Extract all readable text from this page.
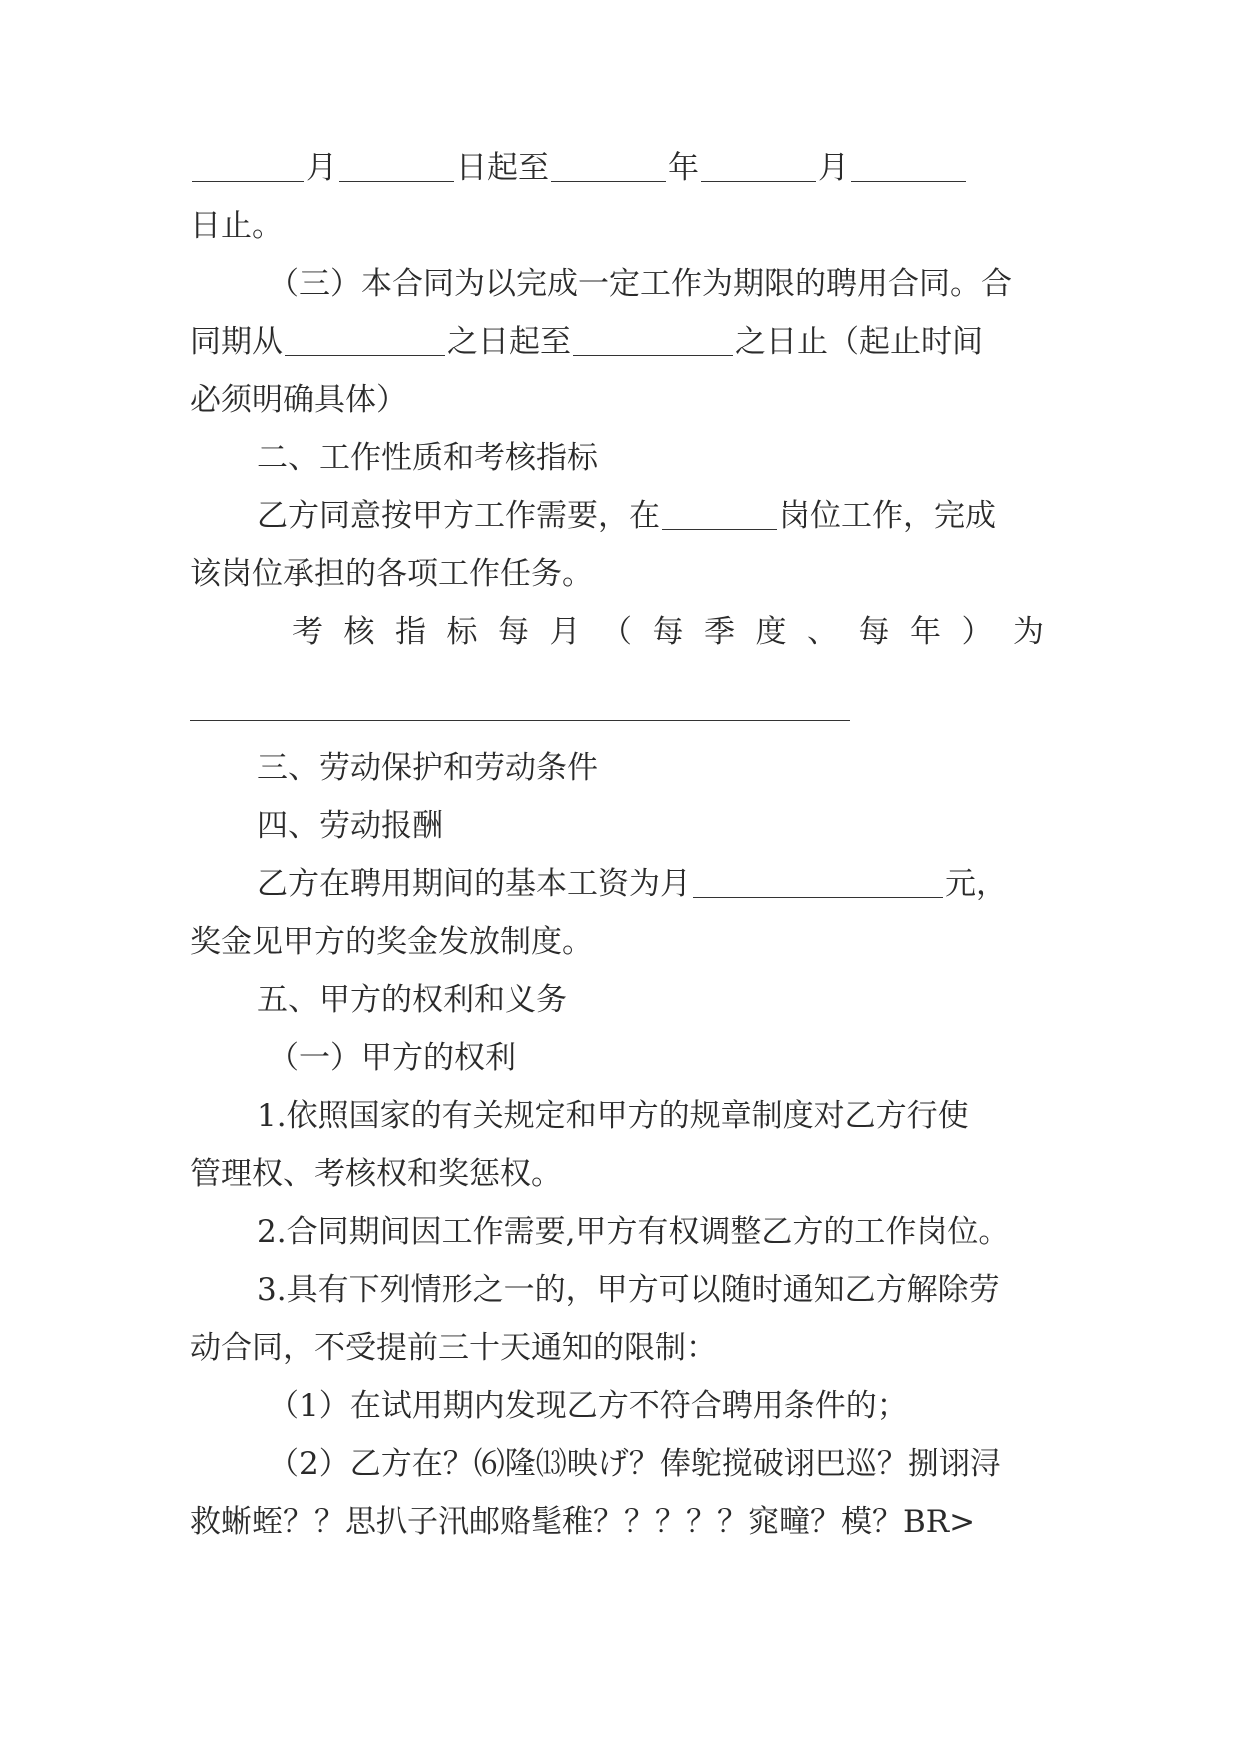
月	日起至	年	月
日止。
（三）本合同为以完成一定工作为期限的聘用合同。合
同期从	之日起至	之日止（起止时间
必须明确具体）
二、工作性质和考核指标
乙方同意按甲方工作需要，在	岗位工作，完成
该岗位承担的各项工作任务。
考 核 指 标 每 月 （ 每 季 度 、 每 年 ） 为
三、劳动保护和劳动条件
四、劳动报酬
乙方在聘用期间的基本工资为月	元，
奖金见甲方的奖金发放制度。
五、甲方的权利和义务
（一）甲方的权利
1.依照国家的有关规定和甲方的规章制度对乙方行使
管理权、考核权和奖惩权。
2.合同期间因工作需要,甲方有权调整乙方的工作岗位。
3.具有下列情形之一的，甲方可以随时通知乙方解除劳
动合同，不受提前三十天通知的限制：
（1）在试用期内发现乙方不符合聘用条件的；
（2）乙方在？⑹隆⒀映げ？俸鸵搅破诩巴巡？捌诩浔
救蜥蛭？？思扒子汛邮赂髦稚？？？？？窕疃？模？BR>
